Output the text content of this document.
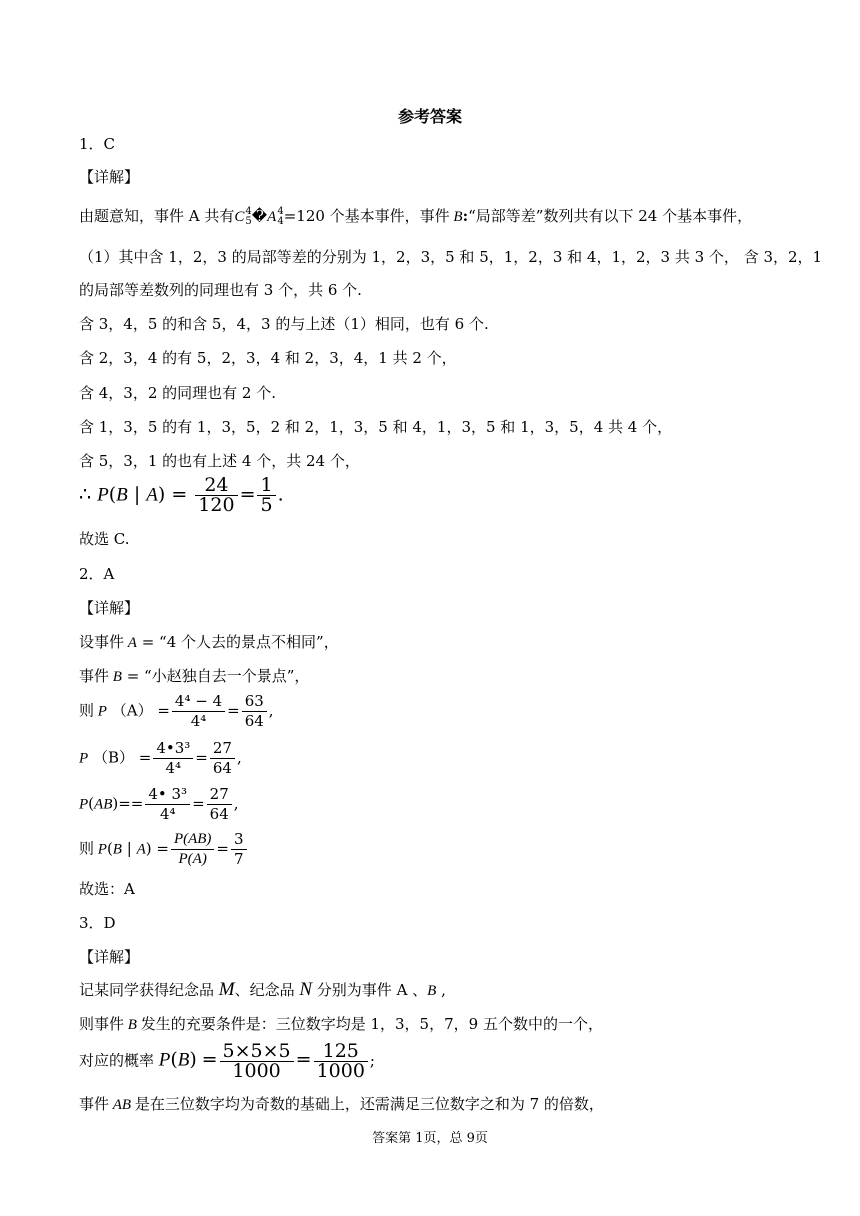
参考答案
1．C
【详解】
由题意知，事件 A 共有C 4
5 �A 4
4 =120 个基本事件，事件 B:“局部等差”数列共有以下 24 个基本事件，
（1）其中含 1，2，3 的局部等差的分别为 1，2，3，5 和 5，1，2，3 和 4，1，2，3 共 3 个， 含 3，2，1
的局部等差数列的同理也有 3 个，共 6 个.
含 3，4，5 的和含 5，4，3 的与上述（1）相同，也有 6 个.
含 2，3，4 的有 5，2，3，4 和 2，3，4，1 共 2 个，
含 4，3，2 的同理也有 2 个.
含 1，3，5 的有 1，3，5，2 和 2，1，3，5 和 4，1，3，5 和 1，3，5，4 共 4 个，
含 5，3，1 的也有上述 4 个，共 24 个，
∴ P(B | $A) = \frac{24}{120} = \frac{1}{5}$ .
故选 C.
2．A
【详解】
设事件 A = “4 个人去的景点不相同”，
事件 B = “小赵独自去一个景点”，
则 P $(A) = \frac{\text{4⁴ − 4}}{\text{4⁴}} = \frac{63}{64}$ ,
P $(B) = \frac{\text{4•3³}}{\text{4⁴}} = \frac{27}{64}$ ,
$P(AB)== \frac{\text{4• 3³}}{\text{4⁴}} = \frac{27}{64}$ ,
则 P(B | $A) = \frac{P(AB)}{P(A)} = \frac{3}{7}$
故选：A
3．D
【详解】
记某同学获得纪念品 M、纪念品 N 分别为事件 A 、B ,
则事件 B 发生的充要条件是：三位数字均是 1，3，5，7，9 五个数中的一个，
对应的概率 $P(B) = \frac{5\times 5\times 5}{1000} = \frac{125}{1000}$ ;
事件 AB 是在三位数字均为奇数的基础上，还需满足三位数字之和为 7 的倍数，
答案第 1页，总 9页
